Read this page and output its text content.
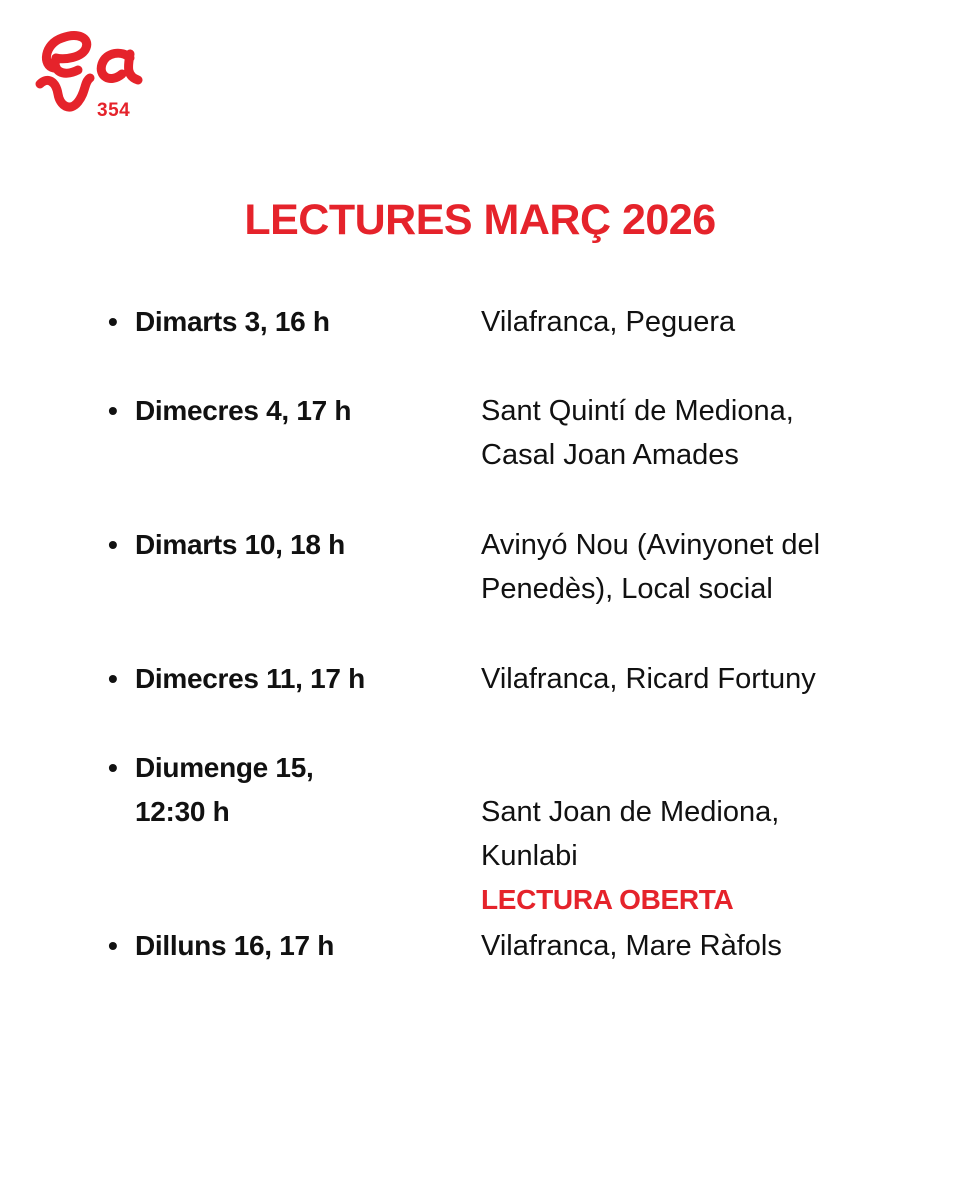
354
LECTURES MARÇ 2026
• Dimarts 3, 16 h	Vilafranca, Peguera
• Dimecres 4, 17 h	Sant Quintí de Mediona,
Casal Joan Amades
• Dimarts 10, 18 h	Avinyó Nou (Avinyonet del
Penedès), Local social
• Dimecres 11, 17 h	Vilafranca, Ricard Fortuny
• Diumenge 15,
12:30 h	Sant Joan de Mediona,
Kunlabi

LECTURA OBERTA

• Dilluns 16, 17 h	Vilafranca, Mare Ràfols
